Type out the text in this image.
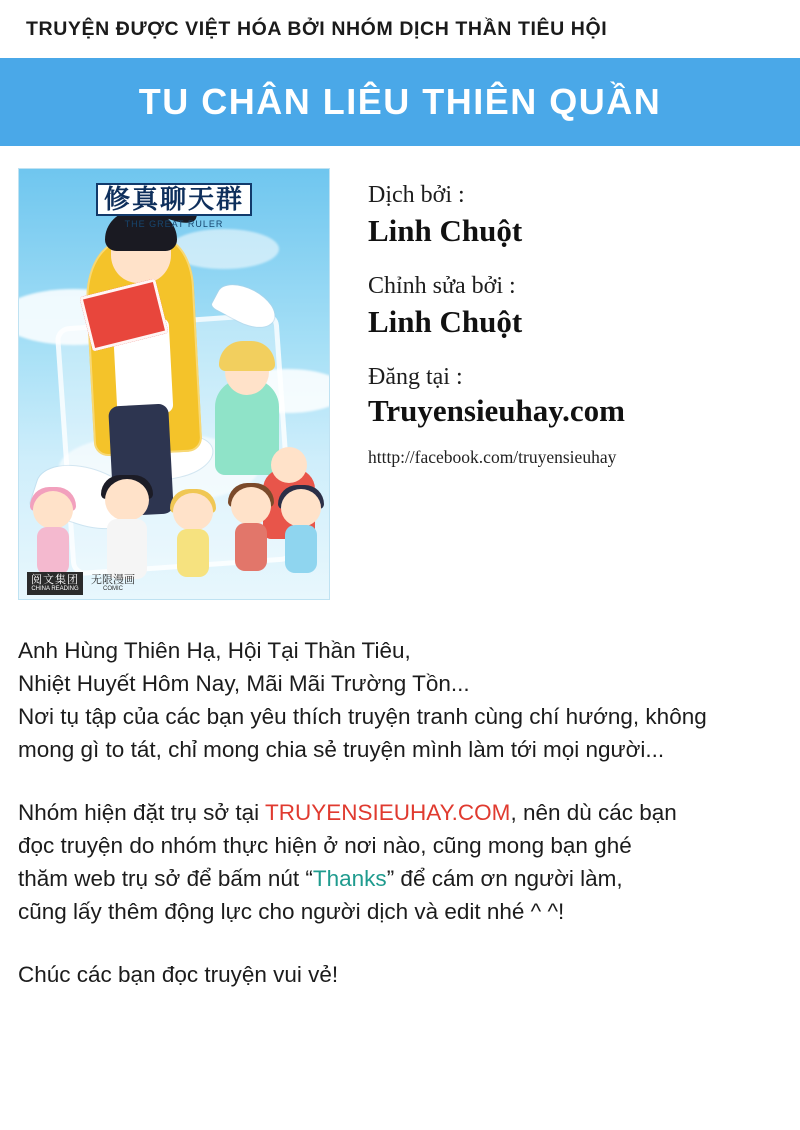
TRUYỆN ĐƯỢC VIỆT HÓA BỞI NHÓM DỊCH THẦN TIÊU HỘI
TU CHÂN LIÊU THIÊN QUẦN
修真聊天群
THE GREAT RULER
阅文集团
CHINA READING
无限漫画
COMIC

Dịch bởi :

Linh Chuột

Chỉnh sửa bởi :

Linh Chuột

Đăng tại :

Truyensieuhay.com

htttp://facebook.com/truyensieuhay

Anh Hùng Thiên Hạ, Hội Tại Thần Tiêu,
Nhiệt Huyết Hôm Nay, Mãi Mãi Trường Tồn...
Nơi tụ tập của các bạn yêu thích truyện tranh cùng chí hướng, không
mong gì to tát, chỉ mong chia sẻ truyện mình làm tới mọi người...

Nhóm hiện đặt trụ sở tại TRUYENSIEUHAY.COM, nên dù các bạn
đọc truyện do nhóm thực hiện ở nơi nào, cũng mong bạn ghé
thăm web trụ sở để bấm nút “Thanks” để cám ơn người làm,
cũng lấy thêm động lực cho người dịch và edit nhé ^ ^!

Chúc các bạn đọc truyện vui vẻ!
